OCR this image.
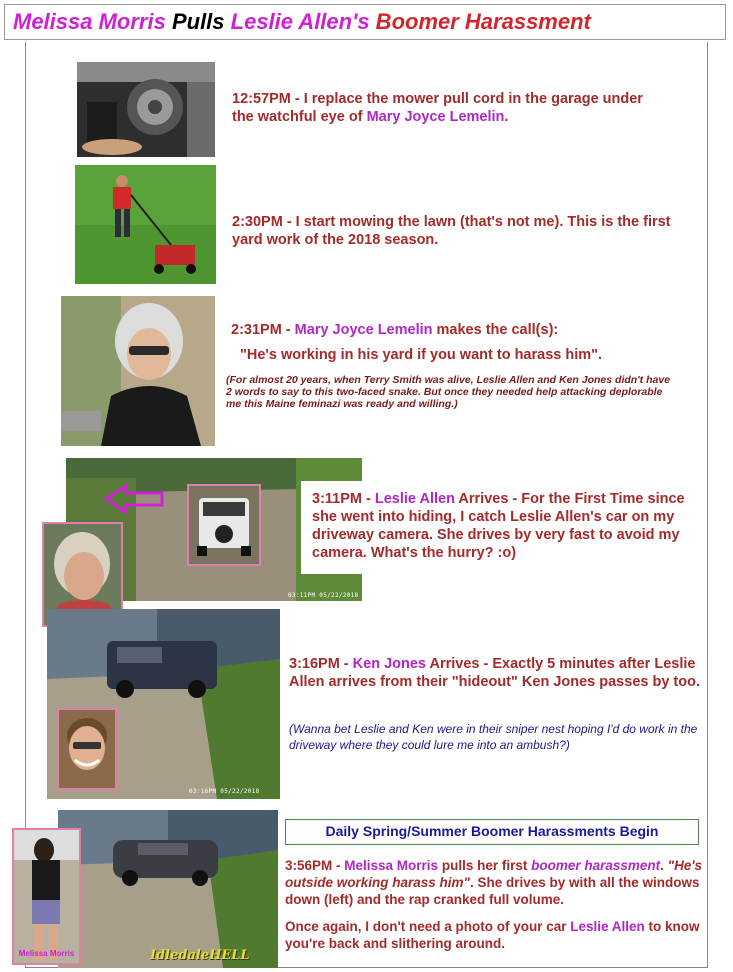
Melissa Morris Pulls Leslie Allen's Boomer Harassment
12:57PM - I replace the mower pull cord in the garage under the watchful eye of Mary Joyce Lemelin.
2:30PM - I start mowing the lawn (that's not me). This is the first yard work of the 2018 season.
2:31PM - Mary Joyce Lemelin makes the call(s):
"He's working in his yard if you want to harass him".
(For almost 20 years, when Terry Smith was alive, Leslie Allen and Ken Jones didn't have 2 words to say to this two-faced snake. But once they needed help attacking deplorable me this Maine feminazi was ready and willing.)
03:11PM 05/22/2018
3:11PM - Leslie Allen Arrives - For the First Time since she went into hiding, I catch Leslie Allen's car on my driveway camera. She drives by very fast to avoid my camera. What's the hurry? :o)
03:16PM 05/22/2018
3:16PM - Ken Jones Arrives - Exactly 5 minutes after Leslie Allen arrives from their "hideout" Ken Jones passes by too.
(Wanna bet Leslie and Ken were in their sniper nest hoping I'd do work in the driveway where they could lure me into an ambush?)
Melissa Morris	IdledaleHELL
Daily Spring/Summer Boomer Harassments Begin
3:56PM - Melissa Morris pulls her first boomer harassment. "He's outside working harass him". She drives by with all the windows down (left) and the rap cranked full volume.
Once again, I don't need a photo of your car Leslie Allen to know you're back and slithering around.
